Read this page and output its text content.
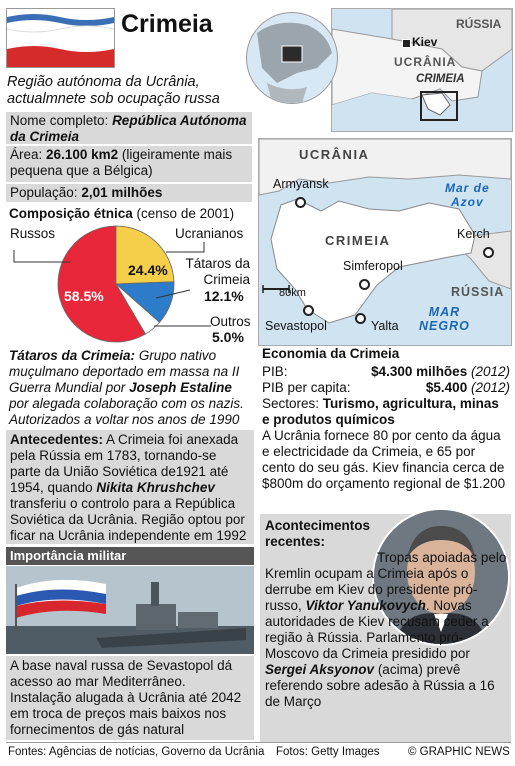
Crimeia
Região autónoma da Ucrânia,
actualmnete sob ocupação russa
RÚSSIA
Kiev
UCRÂNIA
CRIMEIA
Nome completo: República Autónoma da Crimeia
Área: 26.100 km2 (ligeiramente mais pequena que a Bélgica)
População: 2,01 milhões
Composição étnica (censo de 2001)
Russos	Ucranianos
Tátaros da Crimeia
Outros
58.5%
24.4%
12.1%
5.0%
Tátaros da Crimeia: Grupo nativo muçulmano deportado em massa na II Guerra Mundial por Joseph Estaline por alegada colaboração com os nazis. Autorizados a voltar nos anos de 1990
Antecedentes: A Crimeia foi anexada pela Rússia em 1783, tornando-se parte da União Soviética de1921 até 1954, quando Nikita Khrushchev transferiu o controlo para a República Soviética da Ucrânia. Região optou por ficar na Ucrânia independente em 1992
Importância militar
A base naval russa de Sevastopol dá acesso ao mar Mediterrâneo. Instalação alugada à Ucrânia até 2042 em troca de preços mais baixos nos fornecimentos de gás natural
UCRÂNIA
CRIMEIA
RÚSSIA
Mar de
Azov
MAR
NEGRO
80km
Armyansk
Simferopol
Kerch
Sevastopol	Yalta
Economia da Crimeia
PIB:	$4.300 milhões (2012)
PIB per capita:	$5.400 (2012)
Sectores: Turismo, agricultura, minas e produtos químicos
A Ucrânia fornece 80 por cento da água e electricidade da Crimeia, e 65 por cento do seu gás. Kiev financia cerca de $800m do orçamento regional de $1.200
Acontecimentos
recentes:
Tropas apoiadas pelo Kremlin ocupam a Crimeia após o derrube em Kiev do presidente pró-russo, Viktor Yanukovych. Novas autoridades de Kiev recusam ceder a região à Rússia. Parlamento pró-Moscovo da Crimeia presidido por Sergei Aksyonov (acima) prevê referendo sobre adesão à Rússia a 16 de Março
Fontes: Agências de notícias, Governo da Ucrânia Fotos: Getty Images © GRAPHIC NEWS
